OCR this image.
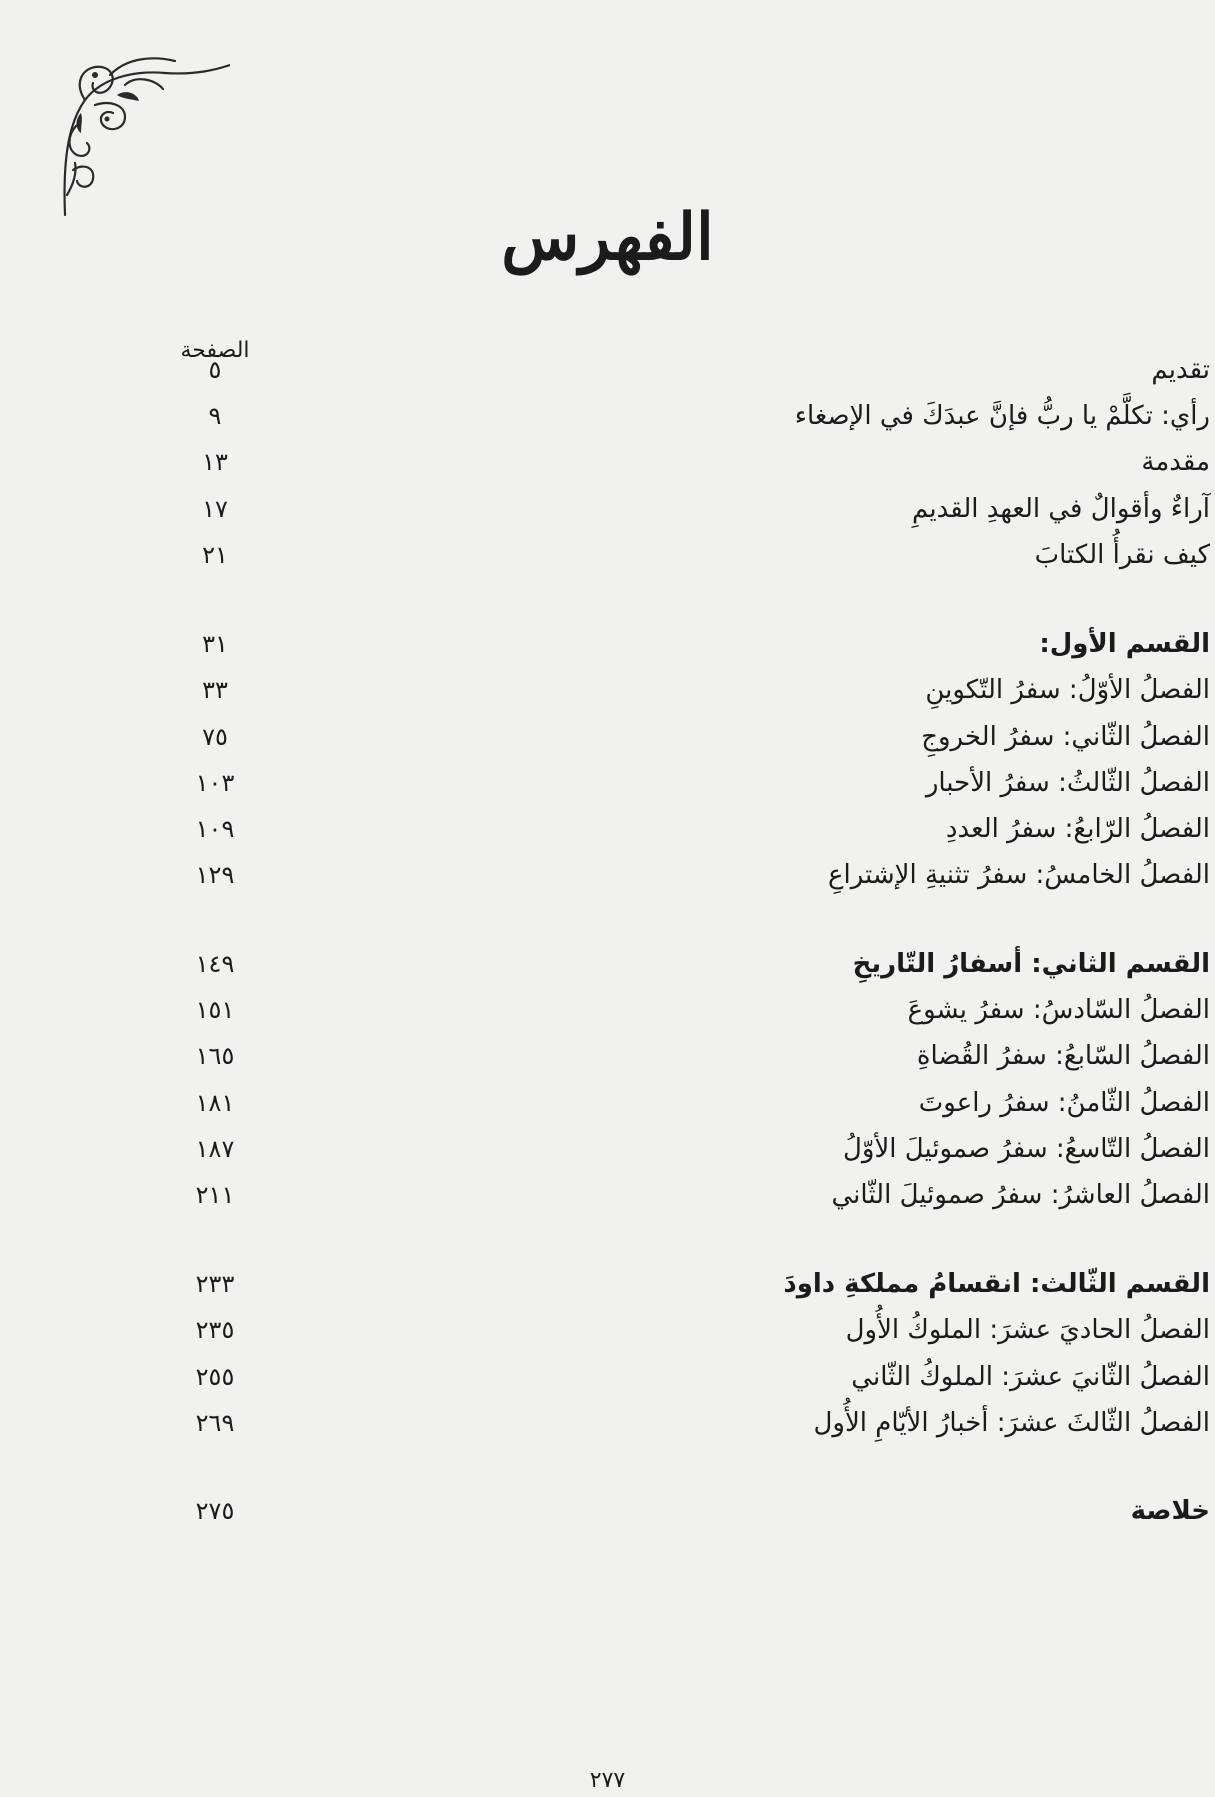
الفهرس
الصفحة
تقديم
٥
رأي: تكلَّمْ يا ربُّ فإنَّ عبدَكَ في الإصغاء
٩
مقدمة
١٣
آراءٌ وأقوالٌ في العهدِ القديمِ
١٧
كيف نقرأُ الكتابَ
٢١
القسم الأول:
٣١
الفصلُ الأوّلُ: سفرُ التّكوينِ
٣٣
الفصلُ الثّاني: سفرُ الخروجِ
٧٥
الفصلُ الثّالثُ: سفرُ الأحبار
١٠٣
الفصلُ الرّابعُ: سفرُ العددِ
١٠٩
الفصلُ الخامسُ: سفرُ تثنيةِ الإشتراعِ
١٢٩
القسم الثاني: أسفارُ التّاريخِ
١٤٩
الفصلُ السّادسُ: سفرُ يشوعَ
١٥١
الفصلُ السّابعُ: سفرُ القُضاةِ
١٦٥
الفصلُ الثّامنُ: سفرُ راعوتَ
١٨١
الفصلُ التّاسعُ: سفرُ صموئيلَ الأوّلُ
١٨٧
الفصلُ العاشرُ: سفرُ صموئيلَ الثّاني
٢١١
القسم الثّالث: انقسامُ مملكةِ داودَ
٢٣٣
الفصلُ الحاديَ عشرَ: الملوكُ الأُول
٢٣٥
الفصلُ الثّانيَ عشرَ: الملوكُ الثّاني
٢٥٥
الفصلُ الثّالثَ عشرَ: أخبارُ الأيّامِ الأُول
٢٦٩
خلاصة
٢٧٥
٢٧٧
